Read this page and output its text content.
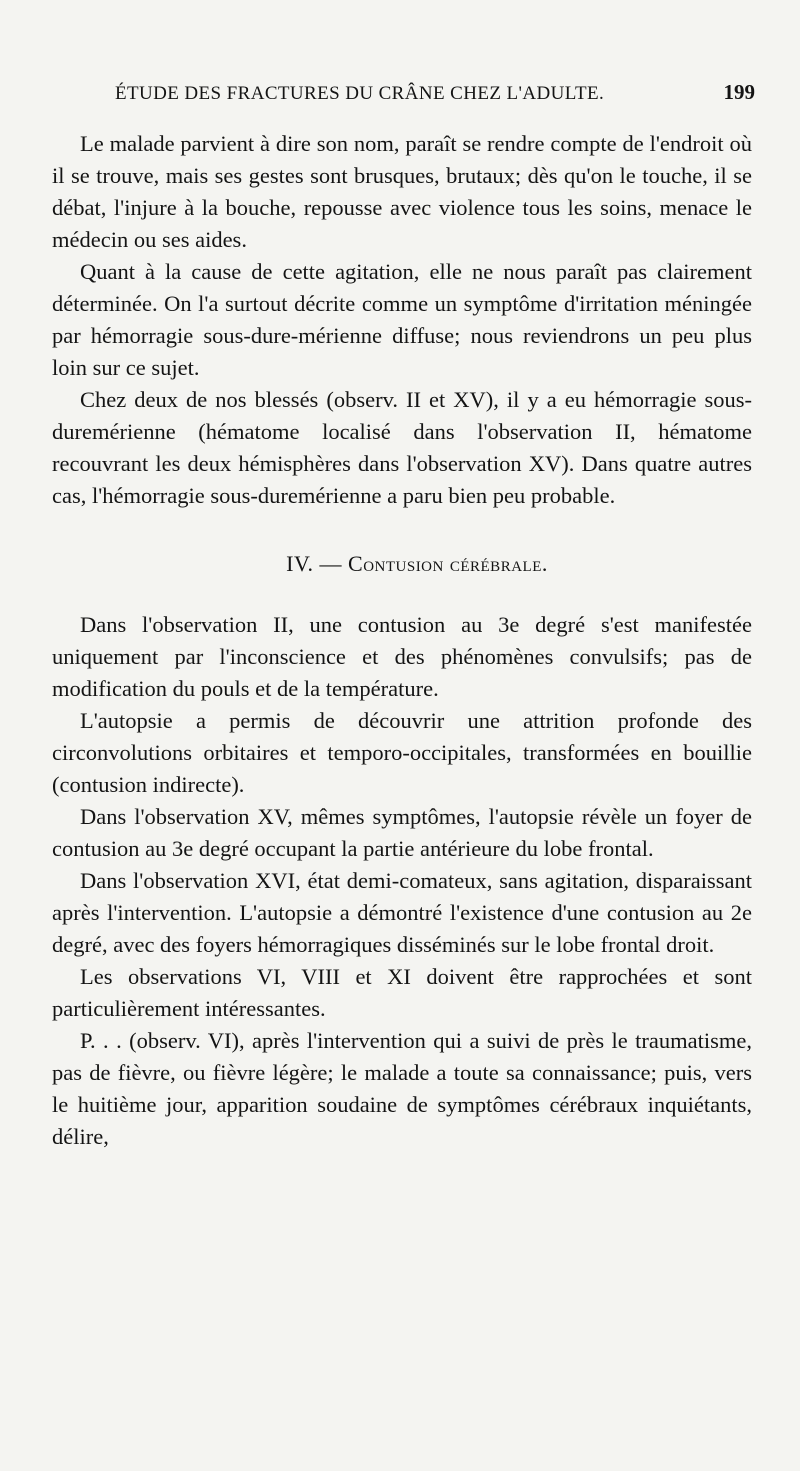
ÉTUDE DES FRACTURES DU CRÂNE CHEZ L'ADULTE.	199

Le malade parvient à dire son nom, paraît se rendre compte de l'endroit où il se trouve, mais ses gestes sont brusques, brutaux; dès qu'on le touche, il se débat, l'injure à la bouche, repousse avec violence tous les soins, menace le médecin ou ses aides.

Quant à la cause de cette agitation, elle ne nous paraît pas clairement déterminée. On l'a surtout décrite comme un symptôme d'irritation méningée par hémorragie sous-dure-mérienne diffuse; nous reviendrons un peu plus loin sur ce sujet.

Chez deux de nos blessés (observ. II et XV), il y a eu hémorragie sous-duremérienne (hématome localisé dans l'observation II, hématome recouvrant les deux hémisphères dans l'observation XV). Dans quatre autres cas, l'hémorragie sous-duremérienne a paru bien peu probable.

IV. — Contusion cérébrale.

Dans l'observation II, une contusion au 3e degré s'est manifestée uniquement par l'inconscience et des phénomènes convulsifs; pas de modification du pouls et de la température.

L'autopsie a permis de découvrir une attrition profonde des circonvolutions orbitaires et temporo-occipitales, transformées en bouillie (contusion indirecte).

Dans l'observation XV, mêmes symptômes, l'autopsie révèle un foyer de contusion au 3e degré occupant la partie antérieure du lobe frontal.

Dans l'observation XVI, état demi-comateux, sans agitation, disparaissant après l'intervention. L'autopsie a démontré l'existence d'une contusion au 2e degré, avec des foyers hémorragiques disséminés sur le lobe frontal droit.

Les observations VI, VIII et XI doivent être rapprochées et sont particulièrement intéressantes.

P. . . (observ. VI), après l'intervention qui a suivi de près le traumatisme, pas de fièvre, ou fièvre légère; le malade a toute sa connaissance; puis, vers le huitième jour, apparition soudaine de symptômes cérébraux inquiétants, délire,
